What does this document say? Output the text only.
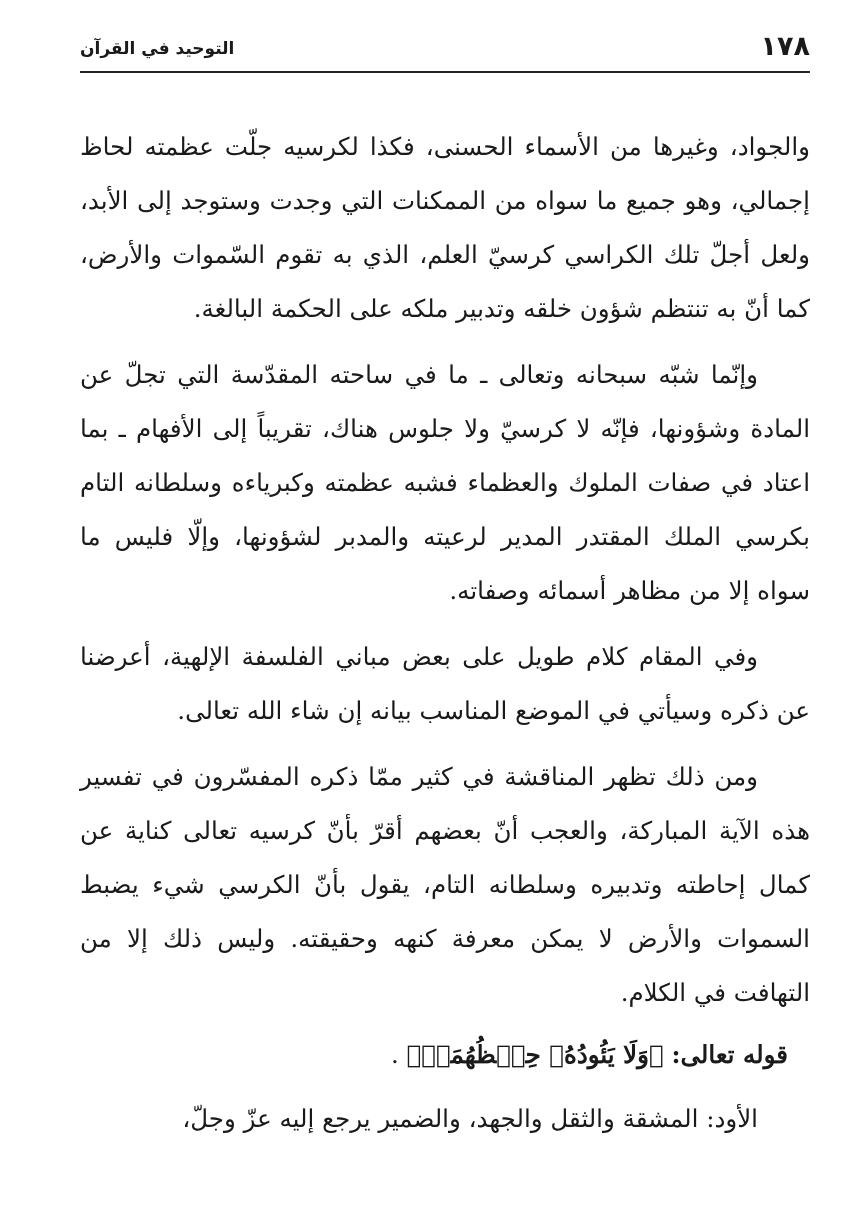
١٧٨
التوحيد في القرآن

والجواد، وغيرها من الأسماء الحسنى، فكذا لكرسيه جلّت عظمته لحاظ إجمالي، وهو جميع ما سواه من الممكنات التي وجدت وستوجد إلى الأبد، ولعل أجلّ تلك الكراسي كرسيّ العلم، الذي به تقوم السّموات والأرض، كما أنّ به تنتظم شؤون خلقه وتدبير ملكه على الحكمة البالغة.

وإنّما شبّه سبحانه وتعالى ـ ما في ساحته المقدّسة التي تجلّ عن المادة وشؤونها، فإنّه لا كرسيّ ولا جلوس هناك، تقريباً إلى الأفهام ـ بما اعتاد في صفات الملوك والعظماء فشبه عظمته وكبرياءه وسلطانه التام بكرسي الملك المقتدر المدير لرعيته والمدبر لشؤونها، وإلّا فليس ما سواه إلا من مظاهر أسمائه وصفاته.

وفي المقام كلام طويل على بعض مباني الفلسفة الإلهية، أعرضنا عن ذكره وسيأتي في الموضع المناسب بيانه إن شاء الله تعالى.

ومن ذلك تظهر المناقشة في كثير ممّا ذكره المفسّرون في تفسير هذه الآية المباركة، والعجب أنّ بعضهم أقرّ بأنّ كرسيه تعالى كناية عن كمال إحاطته وتدبيره وسلطانه التام، يقول بأنّ الكرسي شيء يضبط السموات والأرض لا يمكن معرفة كنهه وحقيقته. وليس ذلك إلا من التهافت في الكلام.

قوله تعالى: ﴿وَلَا يَئُودُهُۥ حِفۡظُهُمَاۚ﴾ .

الأود: المشقة والثقل والجهد، والضمير يرجع إليه عزّ وجلّ،
